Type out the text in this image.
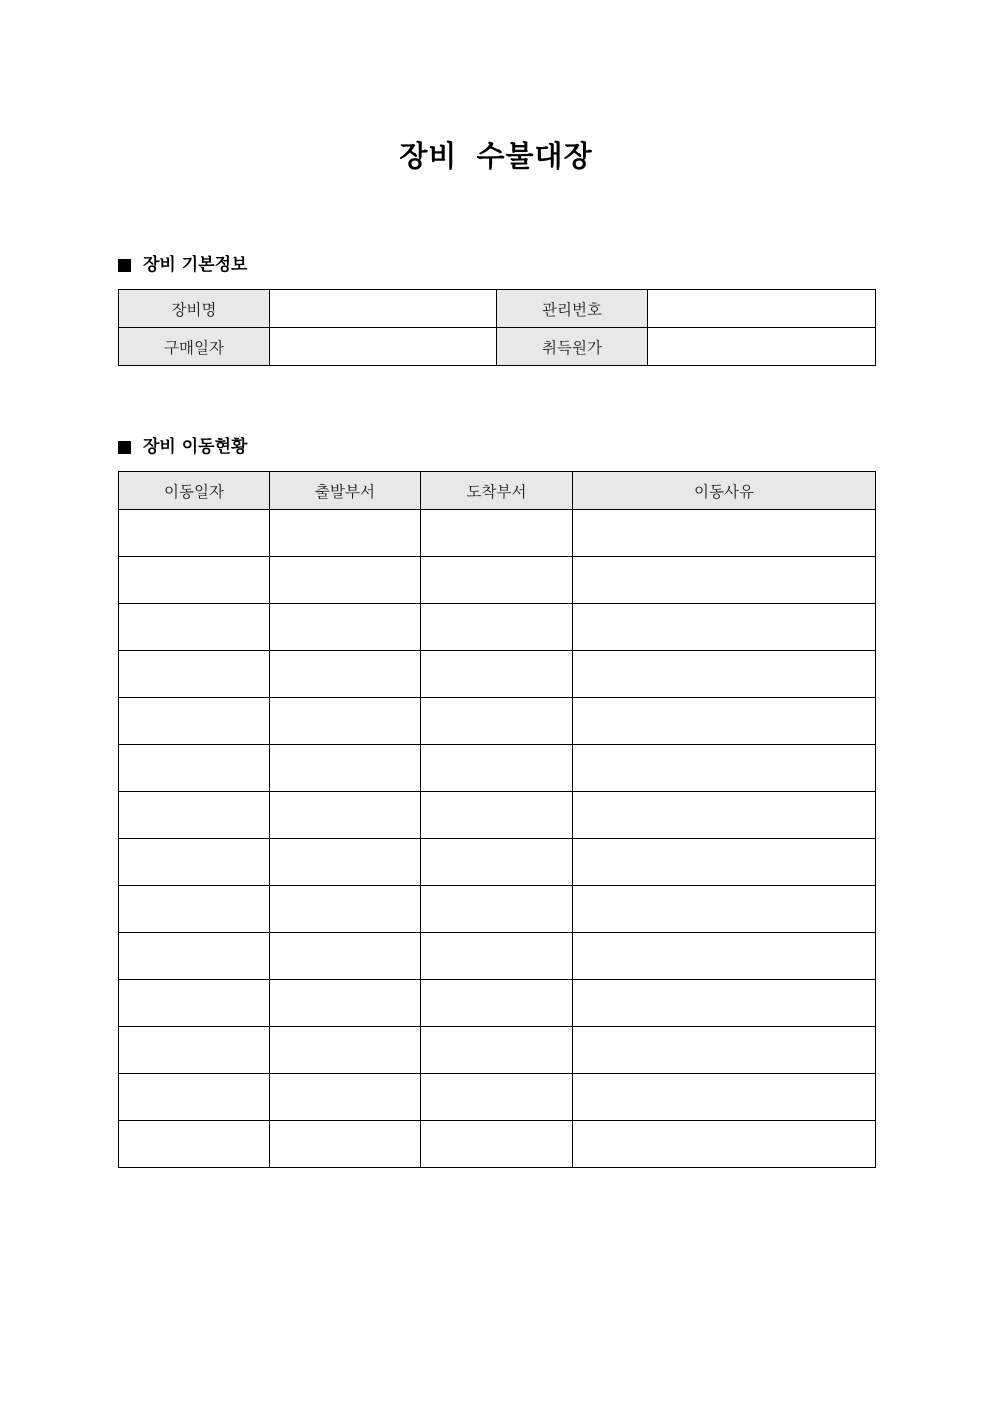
장비 수불대장
장비 기본정보
장비명		관리번호	
구매일자		취득원가	
장비 이동현황
이동일자	출발부서	도착부서	이동사유
